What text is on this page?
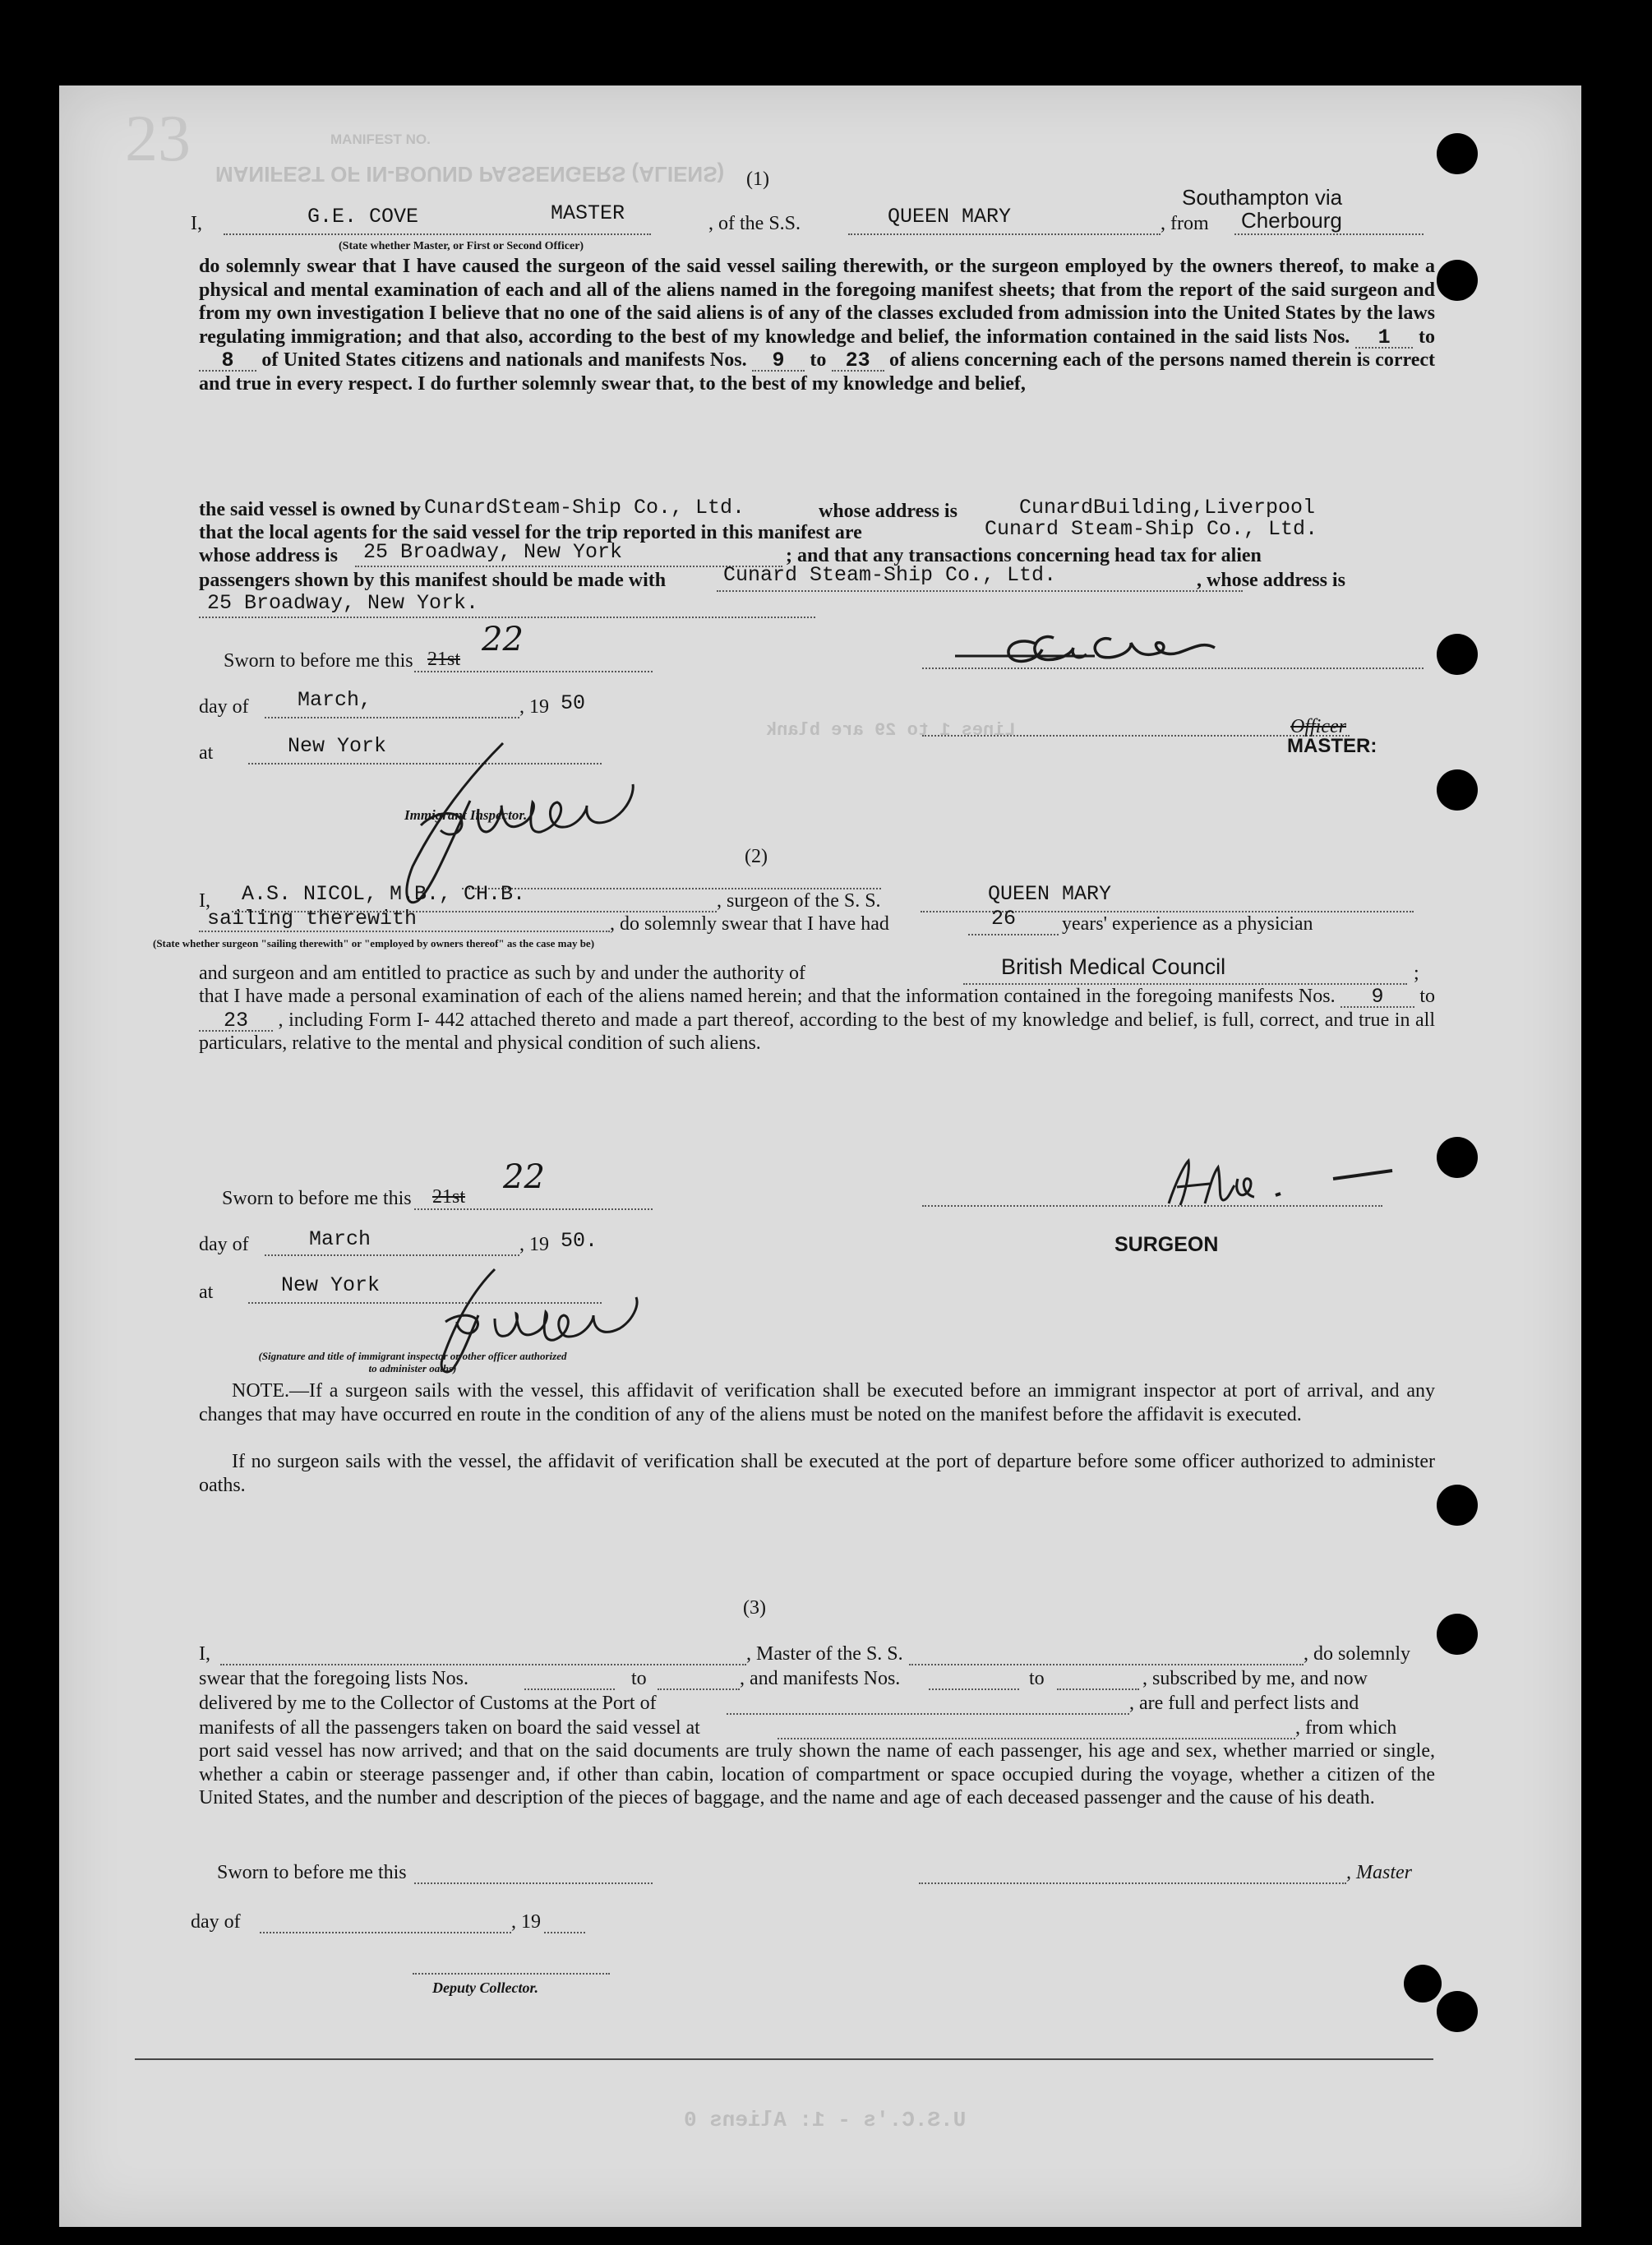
MANIFEST NO.
MANIFEST OF IN-BOUND PASSENGERS (ALIENS)
23
Lines 1 to 29 are blank
U.S.C.'s - 1: Aliens 0
(1)
I,	G.E. COVE	MASTER
(State whether Master, or First or Second Officer)
, of the S.S.	QUEEN MARY	, from
Southampton via
Cherbourg
do solemnly swear that I have caused the surgeon of the said vessel sailing therewith, or the surgeon employed by the owners thereof, to make a physical and mental examination of each and all of the aliens named in the foregoing manifest sheets; that from the report of the said surgeon and from my own investigation I believe that no one of the said aliens is of any of the classes excluded from admission into the United States by the laws regulating immigration; and that also, according to the best of my knowledge and belief, the information contained in the said lists Nos. 1 to 8 of United States citizens and nationals and manifests Nos. 9 to 23 of aliens concerning each of the persons named therein is correct and true in every respect. I do further solemnly swear that, to the best of my knowledge and belief,
the said vessel is owned by CunardSteam-Ship Co., Ltd.	whose address is	CunardBuilding,Liverpool
that the local agents for the said vessel for the trip reported in this manifest are	Cunard Steam-Ship Co., Ltd.
whose address is 25 Broadway, New York	; and that any transactions concerning head tax for alien
passengers shown by this manifest should be made with	Cunard Steam-Ship Co., Ltd.	, whose address is
25 Broadway, New York.
Sworn to before me this 21st
22
day of March,	, 19 50
at	New York
Immigrant Inspector.
Officer
MASTER:
(2)
I, A.S. NICOL, M.B., CH.B.	, surgeon of the S. S.	QUEEN MARY
sailing therewith
(State whether surgeon "sailing therewith" or "employed by owners thereof" as the case may be)
, do solemnly swear that I have had	26 years' experience as a physician
and surgeon and am entitled to practice as such by and under the authority of	British Medical Council	;
that I have made a personal examination of each of the aliens named herein; and that the information contained in the foregoing manifests Nos. 9 to 23 , including Form I- 442 attached thereto and made a part thereof, according to the best of my knowledge and belief, is full, correct, and true in all particulars, relative to the mental and physical condition of such aliens.
Sworn to before me this 21st
22
day of	March	, 19 50.
at	New York
(Signature and title of immigrant inspector or other officer authorized to administer oaths)
SURGEON
NOTE.—If a surgeon sails with the vessel, this affidavit of verification shall be executed before an immigrant inspector at port of arrival, and any changes that may have occurred en route in the condition of any of the aliens must be noted on the manifest before the affidavit is executed.
If no surgeon sails with the vessel, the affidavit of verification shall be executed at the port of departure before some officer authorized to administer oaths.
(3)
I,	, Master of the S. S.	, do solemnly
swear that the foregoing lists Nos.	to	, and manifests Nos.	to	, subscribed by me, and now
delivered by me to the Collector of Customs at the Port of	, are full and perfect lists and
manifests of all the passengers taken on board the said vessel at	, from which
port said vessel has now arrived; and that on the said documents are truly shown the name of each passenger, his age and sex, whether married or single, whether a cabin or steerage passenger and, if other than cabin, location of compartment or space occupied during the voyage, whether a citizen of the United States, and the number and description of the pieces of baggage, and the name and age of each deceased passenger and the cause of his death.
Sworn to before me this	, Master
day of	, 19
Deputy Collector.
